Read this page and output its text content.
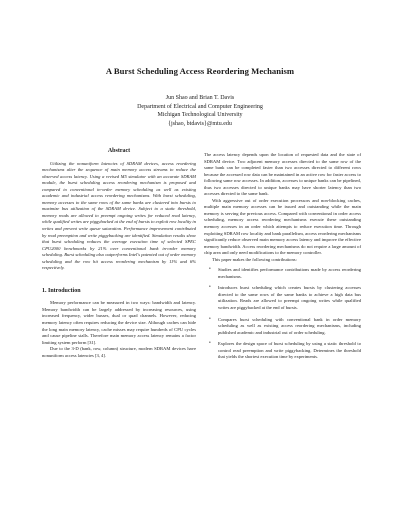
A Burst Scheduling Access Reordering Mechanism
Jun Shao and Brian T. Davis
Department of Electrical and Computer Engineering
Michigan Technological University
{jshao, btdavis}@mtu.edu
Abstract

Utilizing the nonuniform latencies of SDRAM devices, access reordering mechanisms alter the sequence of main memory access streams to reduce the observed access latency. Using a revised M5 simulator with an accurate SDRAM module, the burst scheduling access reordering mechanism is proposed and compared to conventional in-order memory scheduling as well as existing academic and industrial access reordering mechanisms. With burst scheduling, memory accesses to the same rows of the same banks are clustered into bursts to maximize bus utilization of the SDRAM device. Subject to a static threshold, memory reads are allowed to preempt ongoing writes for reduced read latency, while qualified writes are piggybacked at the end of bursts to exploit row locality in writes and prevent write queue saturation. Performance improvement contributed by read preemption and write piggybacking are identified. Simulation results show that burst scheduling reduces the average execution time of selected SPEC CPU2000 benchmarks by 21% over conventional bank in-order memory scheduling. Burst scheduling also outperforms Intel's patented out of order memory scheduling and the row hit access reordering mechanism by 11% and 6% respectively.

1. Introduction

Memory performance can be measured in two ways: bandwidth and latency. Memory bandwidth can be largely addressed by increasing resources, using increased frequency, wider busses, dual or quad channels. However, reducing memory latency often requires reducing the device size. Although caches can hide the long main memory latency, cache misses may require hundreds of CPU cycles and cause pipeline stalls. Therefore main memory access latency remains a factor limiting system perform [31].

Due to the 3-D (bank, row, column) structure, modern SDRAM devices have nonuniform access latencies [3, 4].

The access latency depends upon the location of requested data and the state of SDRAM device. Two adjacent memory accesses directed to the same row of the same bank can be completed faster than two accesses directed to different rows because the accessed row data can be maintained in an active row for faster access to following same row accesses. In addition, accesses to unique banks can be pipelined, thus two accesses directed to unique banks may have shorter latency than two accesses directed to the same bank.

With aggressive out of order execution processors and non-blocking caches, multiple main memory accesses can be issued and outstanding while the main memory is serving the previous access. Compared with conventional in order access scheduling, memory access reordering mechanisms execute these outstanding memory accesses in an order which attempts to reduce execution time. Through exploiting SDRAM row locality and bank parallelism, access reordering mechanisms significantly reduce observed main memory access latency and improve the effective memory bandwidth. Access reordering mechanisms do not require a large amount of chip area and only need modifications to the memory controller.

This paper makes the following contributions:

• Studies and identifies performance contributions made by access reordering mechanisms.
• Introduces burst scheduling which creates bursts by clustering accesses directed to the same rows of the same banks to achieve a high data bus utilization. Reads are allowed to preempt ongoing writes while qualified writes are piggybacked at the end of bursts.
• Compares burst scheduling with conventional bank in order memory scheduling as well as existing access reordering mechanisms, including published academic and industrial out of order scheduling.
• Explores the design space of burst scheduling by using a static threshold to control read preemption and write piggybacking. Determines the threshold that yields the shortest execution time by experiments.
